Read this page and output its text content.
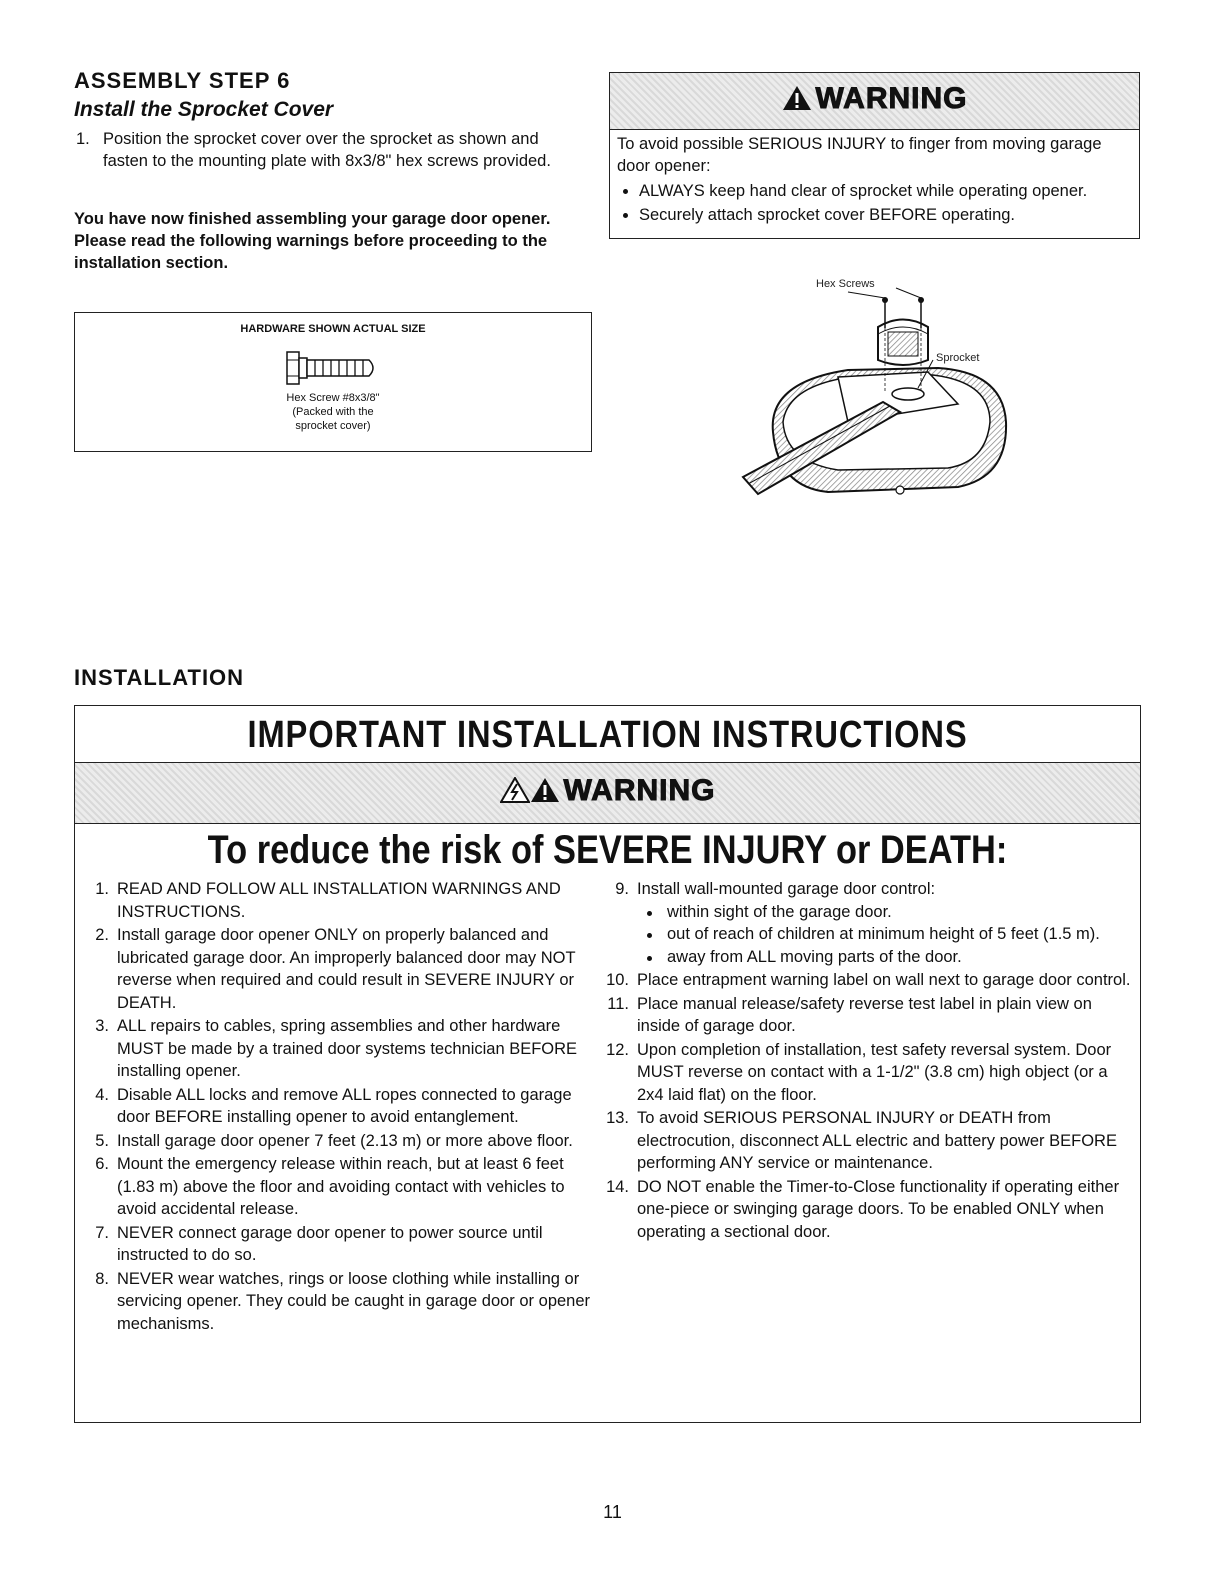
ASSEMBLY STEP 6
Install the Sprocket Cover
1. Position the sprocket cover over the sprocket as shown and fasten to the mounting plate with 8x3/8" hex screws provided.
You have now finished assembling your garage door opener. Please read the following warnings before proceeding to the installation section.
HARDWARE SHOWN ACTUAL SIZE
Hex Screw #8x3/8"
(Packed with the
sprocket cover)
WARNING
To avoid possible SERIOUS INJURY to finger from moving garage door opener:
ALWAYS keep hand clear of sprocket while operating opener.
Securely attach sprocket cover BEFORE operating.
Hex Screws
Sprocket
INSTALLATION
IMPORTANT INSTALLATION INSTRUCTIONS
WARNING
To reduce the risk of SEVERE INJURY or DEATH:
1. READ AND FOLLOW ALL INSTALLATION WARNINGS AND INSTRUCTIONS.
2. Install garage door opener ONLY on properly balanced and lubricated garage door. An improperly balanced door may NOT reverse when required and could result in SEVERE INJURY or DEATH.
3. ALL repairs to cables, spring assemblies and other hardware MUST be made by a trained door systems technician BEFORE installing opener.
4. Disable ALL locks and remove ALL ropes connected to garage door BEFORE installing opener to avoid entanglement.
5. Install garage door opener 7 feet (2.13 m) or more above floor.
6. Mount the emergency release within reach, but at least 6 feet (1.83 m) above the floor and avoiding contact with vehicles to avoid accidental release.
7. NEVER connect garage door opener to power source until instructed to do so.
8. NEVER wear watches, rings or loose clothing while installing or servicing opener. They could be caught in garage door or opener mechanisms.
9. Install wall-mounted garage door control:
within sight of the garage door.
out of reach of children at minimum height of 5 feet (1.5 m).
away from ALL moving parts of the door.
10. Place entrapment warning label on wall next to garage door control.
11. Place manual release/safety reverse test label in plain view on inside of garage door.
12. Upon completion of installation, test safety reversal system. Door MUST reverse on contact with a 1-1/2" (3.8 cm) high object (or a 2x4 laid flat) on the floor.
13. To avoid SERIOUS PERSONAL INJURY or DEATH from electrocution, disconnect ALL electric and battery power BEFORE performing ANY service or maintenance.
14. DO NOT enable the Timer-to-Close functionality if operating either one-piece or swinging garage doors. To be enabled ONLY when operating a sectional door.
11
